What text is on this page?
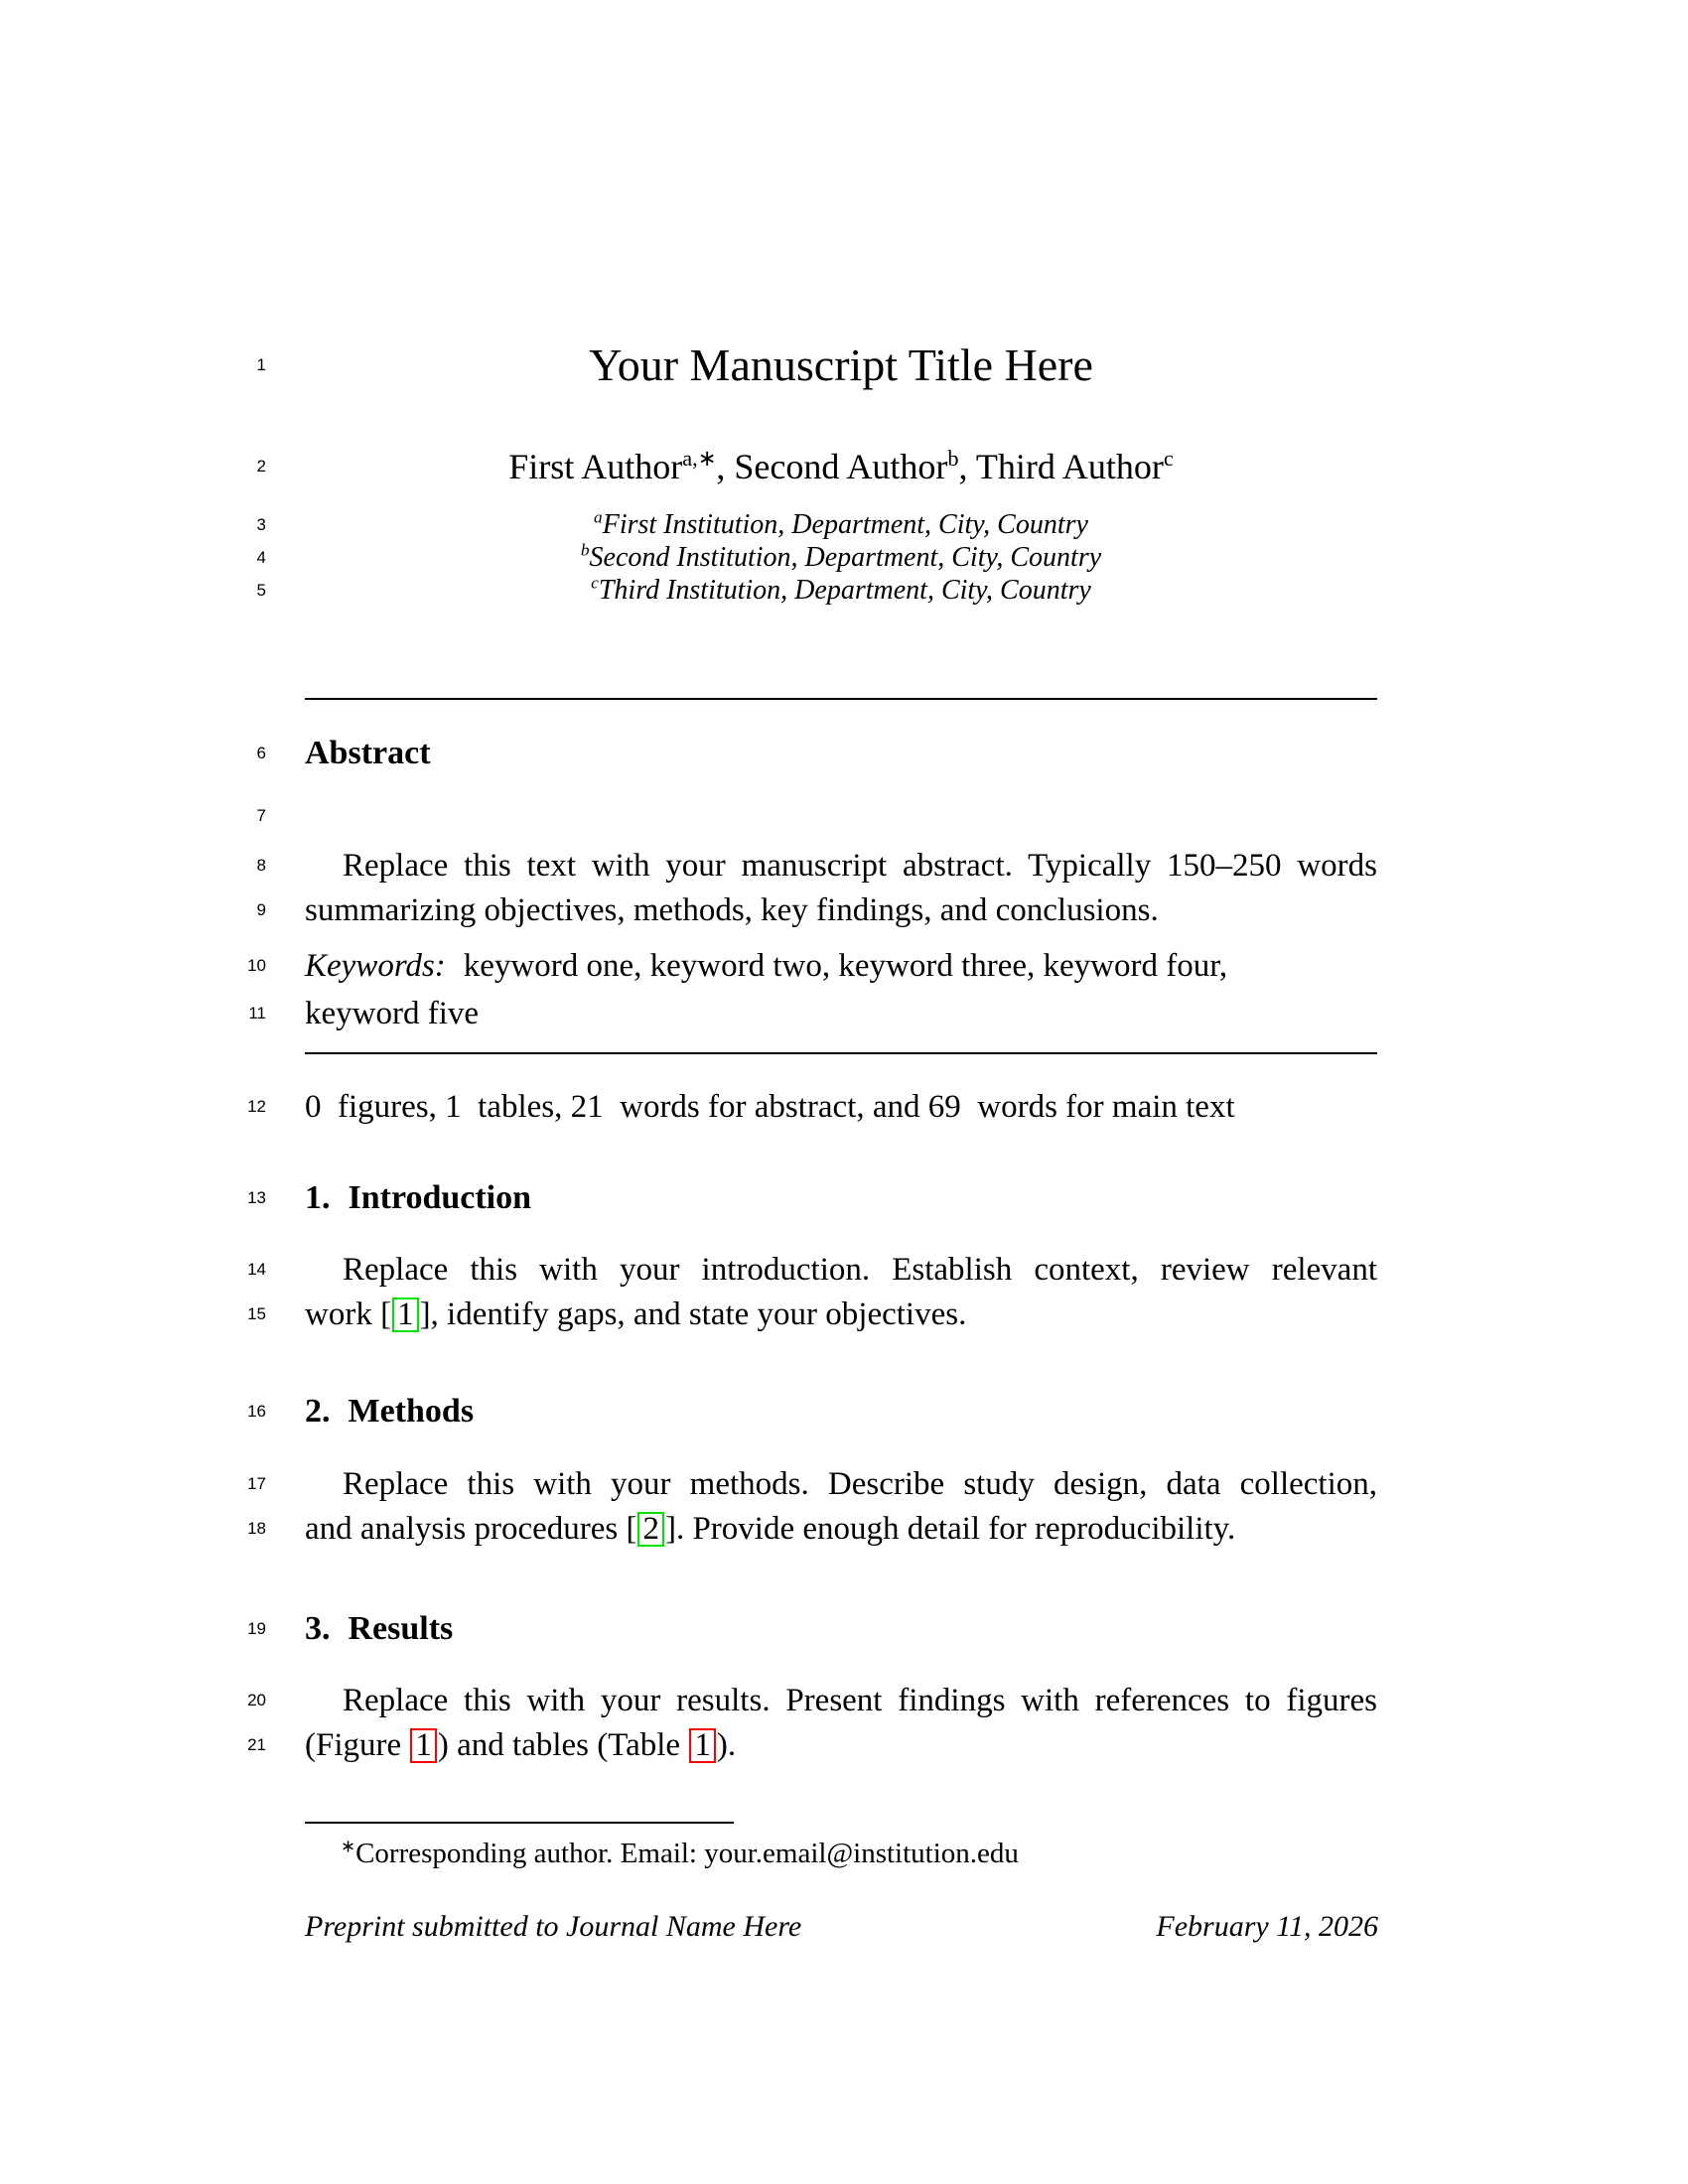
1	Your Manuscript Title Here
2	First Author$^{a,∗}$, Second Author$^b$, Third Author$^c$
3	$^a$First Institution, Department, City, Country
4	$^b$Second Institution, Department, City, Country
5	$^c$Third Institution, Department, City, Country
6 Abstract
7
8	Replace this text with your manuscript abstract. Typically 150–250 words
9 summarizing objectives, methods, key findings, and conclusions.
10 Keywords: keyword one, keyword two, keyword three, keyword four,
11 keyword five
12 0  figures, 1  tables, 21  words for abstract, and 69  words for main text
13 1. Introduction
14	Replace this with your introduction. Establish context, review relevant
15 work [ 1 ], identify gaps, and state your objectives.
16 2. Methods
17	Replace this with your methods. Describe study design, data collection,
18 and analysis procedures [ 2 ]. Provide enough detail for reproducibility.
19 3. Results
20	Replace this with your results. Present findings with references to figures
21 (Figure 1 ) and tables (Table 1 ).
∗Corresponding author. Email: your.email@institution.edu
Preprint submitted to Journal Name Here	February 11, 2026
